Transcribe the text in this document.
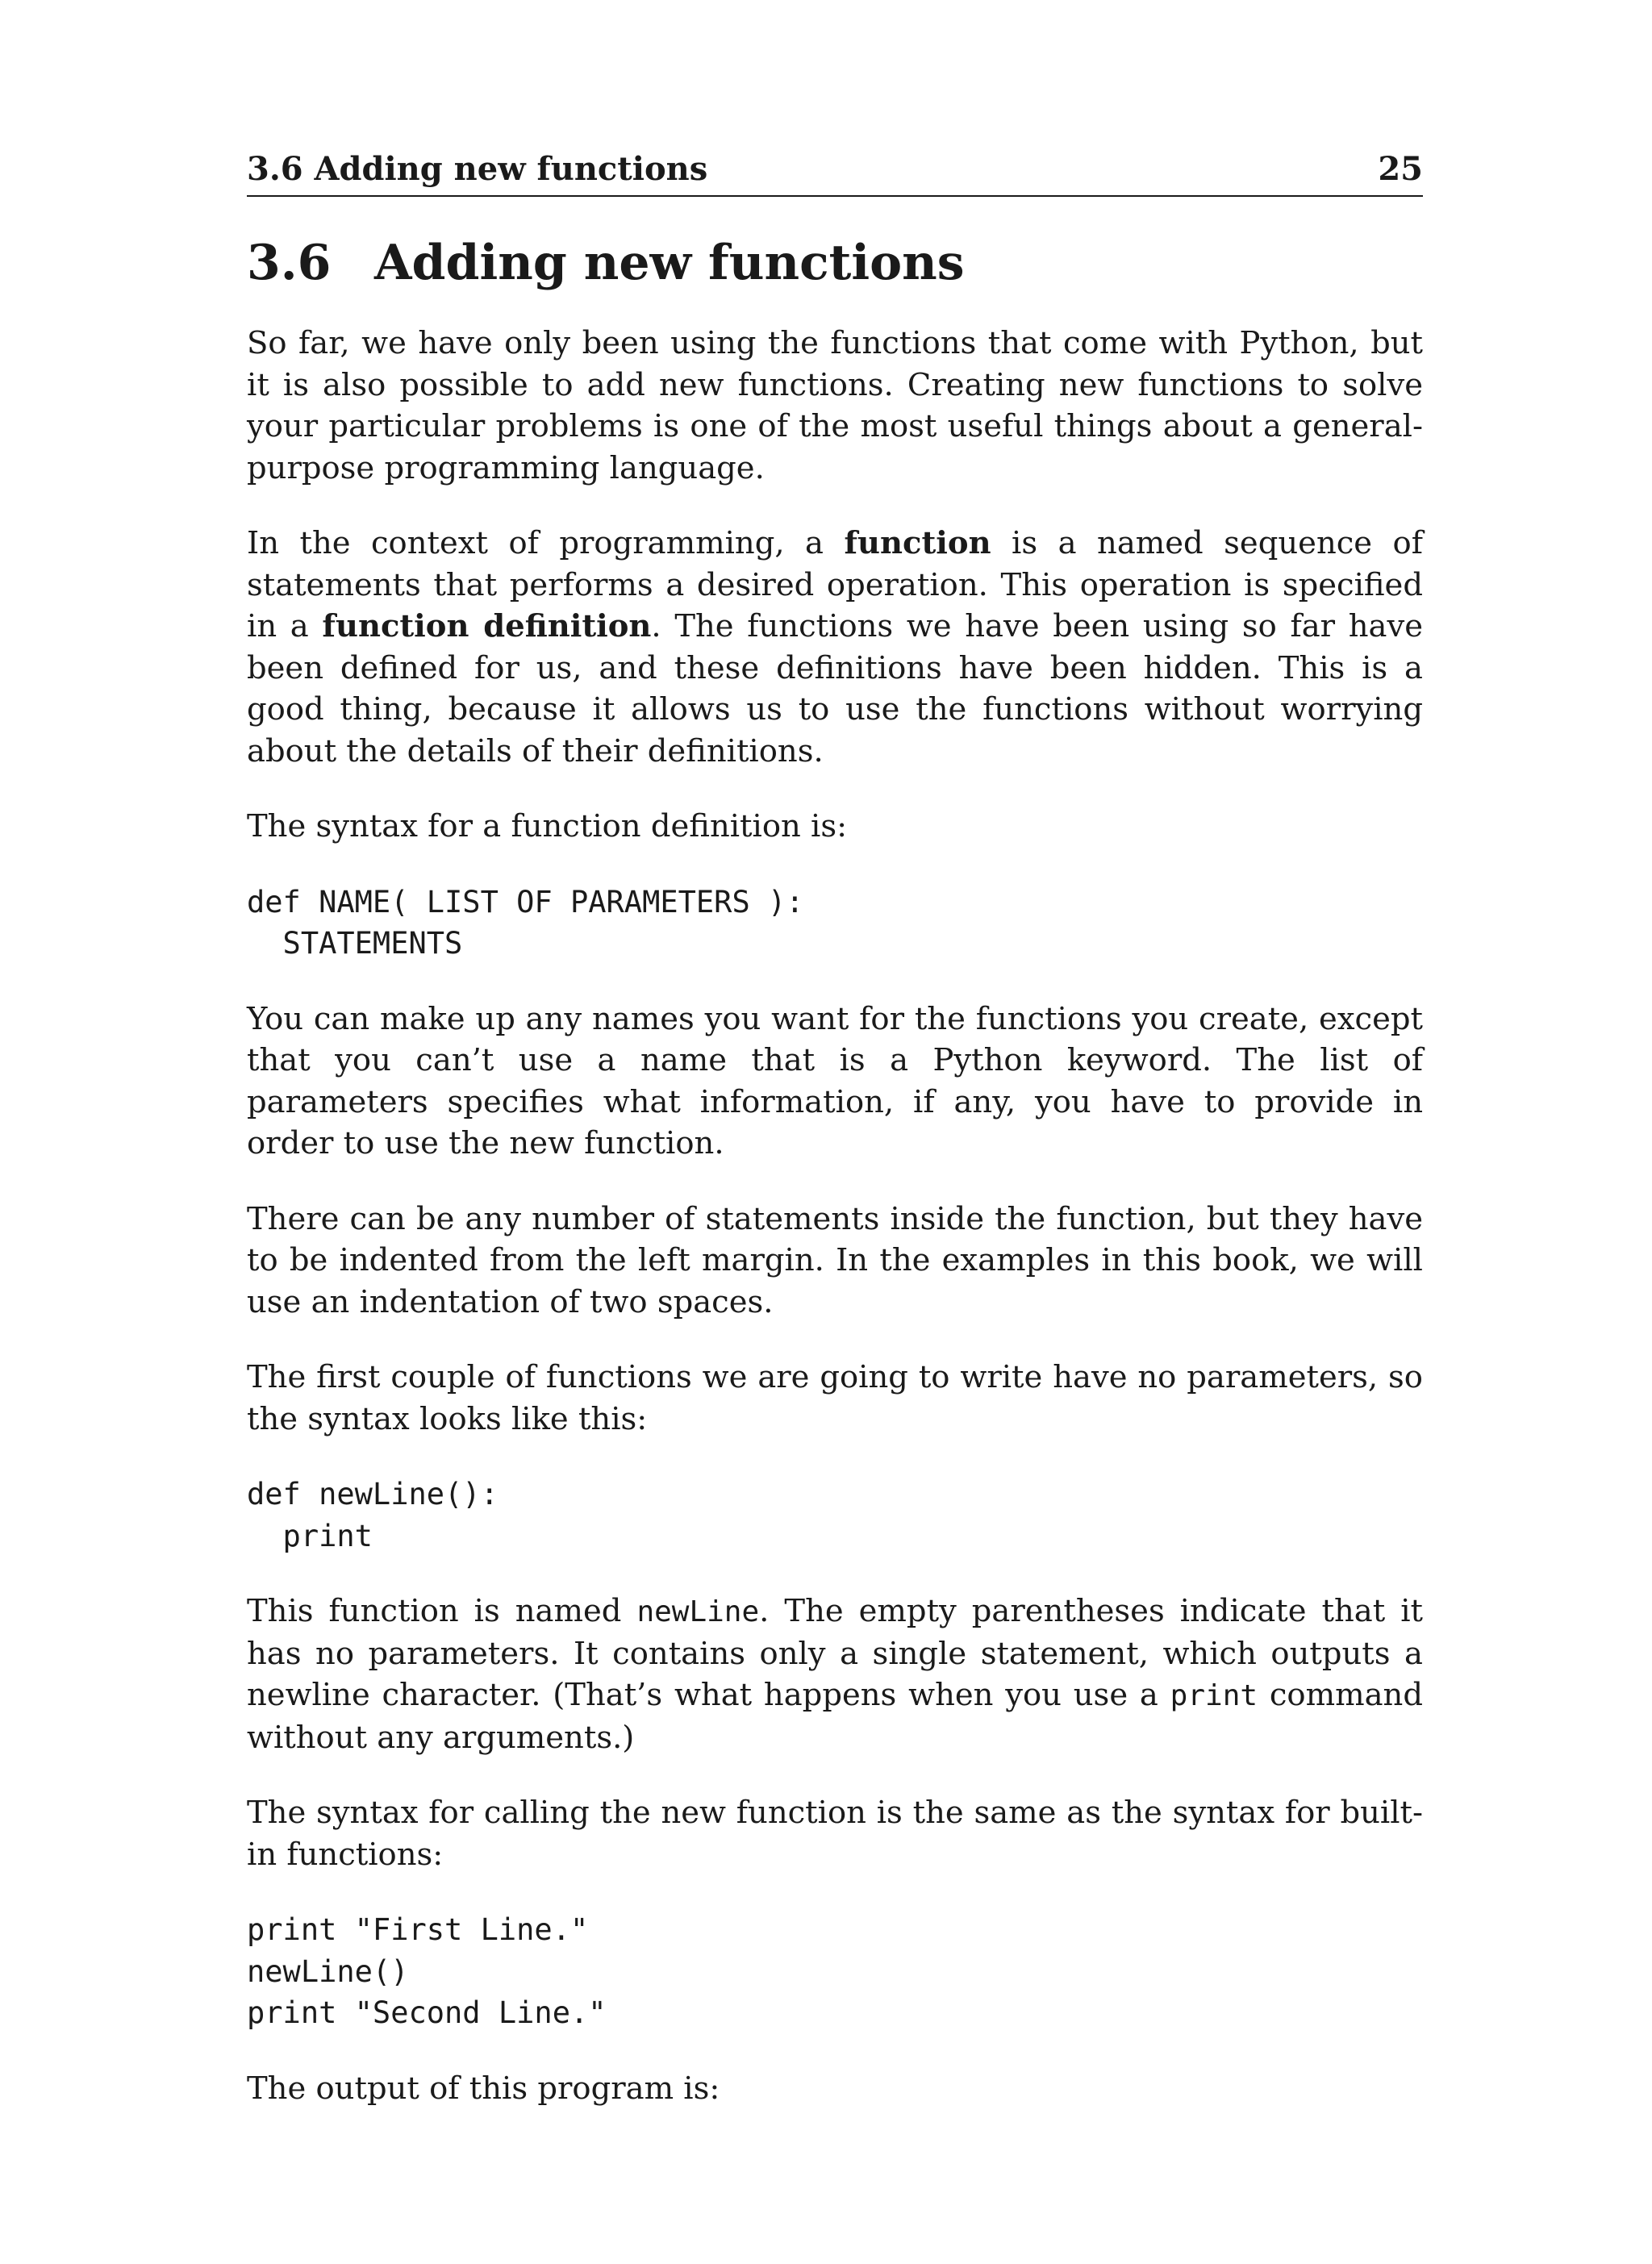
3.6 Adding new functions	25
3.6 Adding new functions

So far, we have only been using the functions that come with Python, but it is also possible to add new functions. Creating new functions to solve your particular problems is one of the most useful things about a general-purpose programming language.

In the context of programming, a function is a named sequence of statements that performs a desired operation. This operation is specified in a function definition. The functions we have been using so far have been defined for us, and these definitions have been hidden. This is a good thing, because it allows us to use the functions without worrying about the details of their definitions.

The syntax for a function definition is:

def NAME( LIST OF PARAMETERS ):
STATEMENTS

You can make up any names you want for the functions you create, except that you can’t use a name that is a Python keyword. The list of parameters specifies what information, if any, you have to provide in order to use the new function.

There can be any number of statements inside the function, but they have to be indented from the left margin. In the examples in this book, we will use an indentation of two spaces.

The first couple of functions we are going to write have no parameters, so the syntax looks like this:

def newLine():
print

This function is named newLine. The empty parentheses indicate that it has no parameters. It contains only a single statement, which outputs a newline character. (That’s what happens when you use a print command without any arguments.)

The syntax for calling the new function is the same as the syntax for built-in functions:

print "First Line."
newLine()
print "Second Line."

The output of this program is:
